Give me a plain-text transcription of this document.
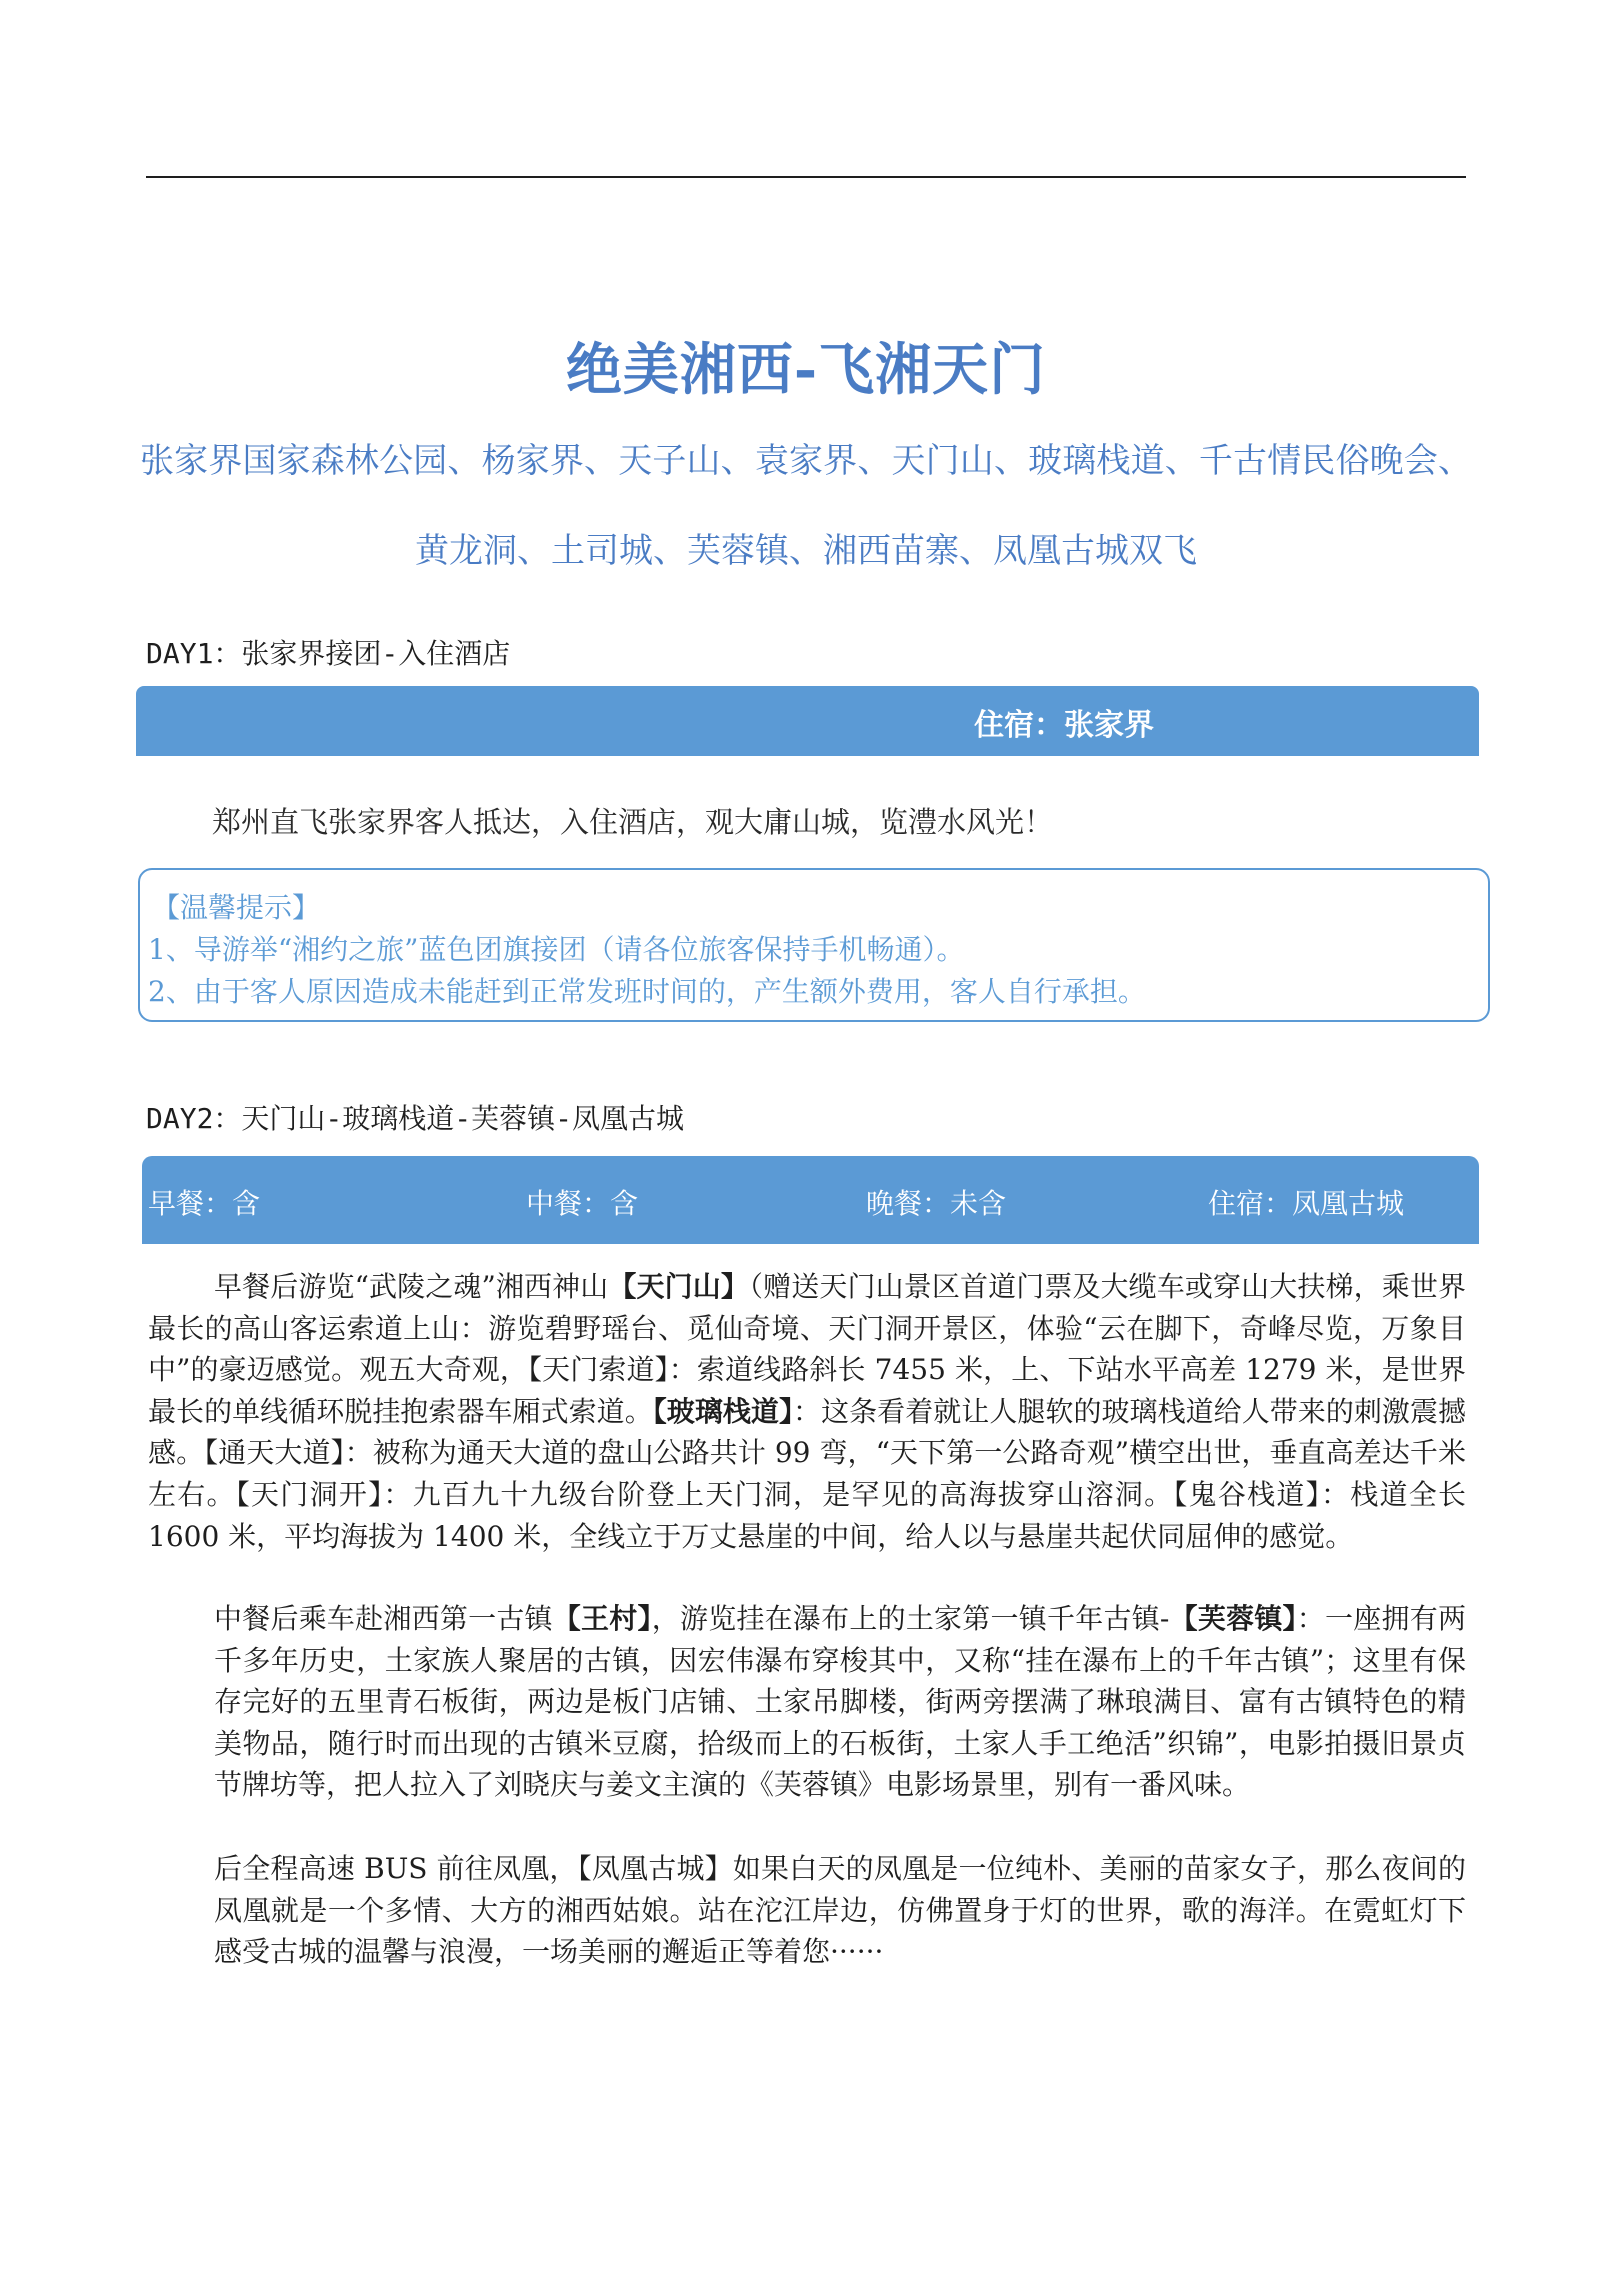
绝美湘西-飞湘天门

张家界国家森林公园、杨家界、天子山、袁家界、天门山、玻璃栈道、千古情民俗晚会、黄龙洞、土司城、芙蓉镇、湘西苗寨、凤凰古城双飞

DAY1：张家界接团-入住酒店

住宿：张家界

郑州直飞张家界客人抵达，入住酒店，观大庸山城，览澧水风光！

【温馨提示】
1、导游举“湘约之旅”蓝色团旗接团（请各位旅客保持手机畅通）。
2、由于客人原因造成未能赶到正常发班时间的，产生额外费用，客人自行承担。

DAY2：天门山-玻璃栈道-芙蓉镇-凤凰古城

早餐：含	中餐：含	晚餐：未含	住宿：凤凰古城

早餐后游览“武陵之魂”湘西神山【天门山】（赠送天门山景区首道门票及大缆车或穿山大扶梯，乘世界最长的高山客运索道上山：游览碧野瑶台、觅仙奇境、天门洞开景区，体验“云在脚下，奇峰尽览，万象目中”的豪迈感觉。观五大奇观，【天门索道】：索道线路斜长 7455 米，上、下站水平高差 1279 米，是世界最长的单线循环脱挂抱索器车厢式索道。【玻璃栈道】：这条看着就让人腿软的玻璃栈道给人带来的刺激震撼感。【通天大道】：被称为通天大道的盘山公路共计 99 弯，“天下第一公路奇观”横空出世，垂直高差达千米左右。【天门洞开】：九百九十九级台阶登上天门洞，是罕见的高海拔穿山溶洞。【鬼谷栈道】：栈道全长 1600 米，平均海拔为 1400 米，全线立于万丈悬崖的中间，给人以与悬崖共起伏同屈伸的感觉。

中餐后乘车赴湘西第一古镇【王村】，游览挂在瀑布上的土家第一镇千年古镇-【芙蓉镇】：一座拥有两千多年历史，土家族人聚居的古镇，因宏伟瀑布穿梭其中，又称“挂在瀑布上的千年古镇”；这里有保存完好的五里青石板街，两边是板门店铺、土家吊脚楼，街两旁摆满了琳琅满目、富有古镇特色的精美物品，随行时而出现的古镇米豆腐，拾级而上的石板街，土家人手工绝活”织锦”，电影拍摄旧景贞节牌坊等，把人拉入了刘晓庆与姜文主演的《芙蓉镇》电影场景里，别有一番风味。

后全程高速 BUS 前往凤凰，【凤凰古城】如果白天的凤凰是一位纯朴、美丽的苗家女子，那么夜间的凤凰就是一个多情、大方的湘西姑娘。站在沱江岸边，仿佛置身于灯的世界，歌的海洋。在霓虹灯下感受古城的温馨与浪漫，一场美丽的邂逅正等着您······
